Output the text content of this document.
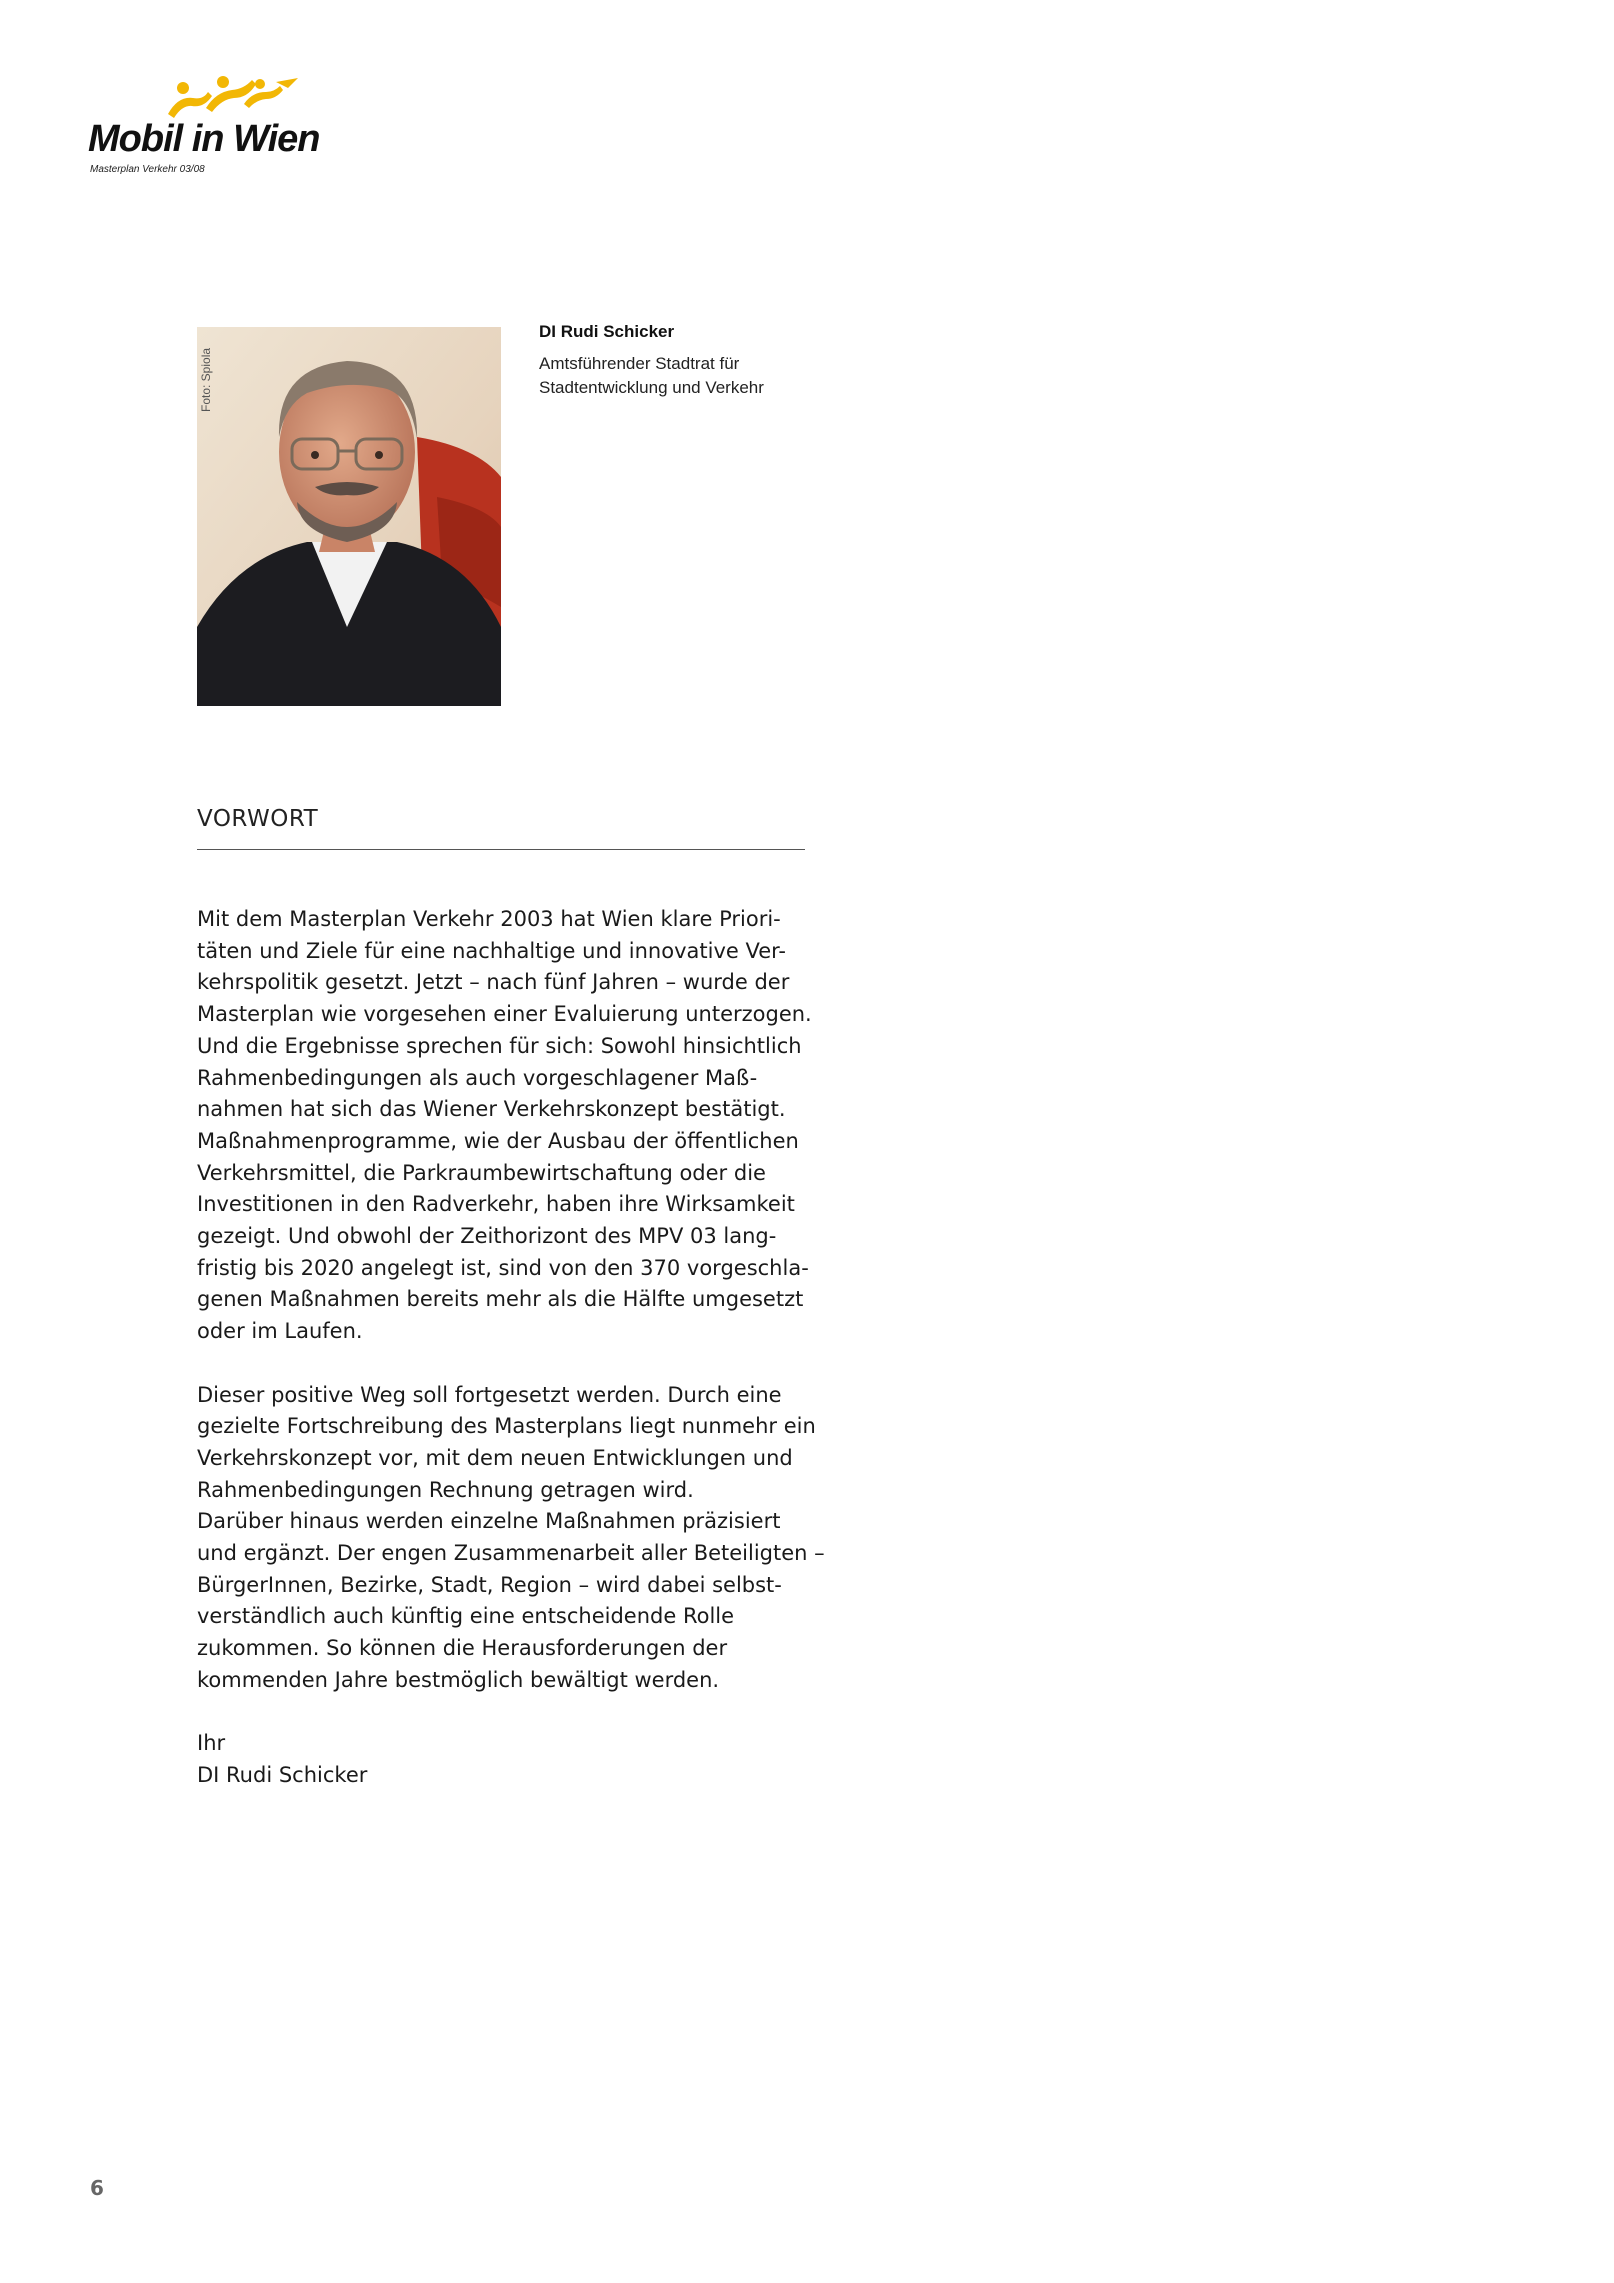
Mobil in Wien
Masterplan Verkehr 03/08
Foto: Spiola
DI Rudi Schicker
Amtsführender Stadtrat für
Stadtentwicklung und Verkehr
VORWORT
Mit dem Masterplan Verkehr 2003 hat Wien klare Priori-
täten und Ziele für eine nachhaltige und innovative Ver-
kehrspolitik gesetzt. Jetzt – nach fünf Jahren – wurde der
Masterplan wie vorgesehen einer Evaluierung unterzogen.
Und die Ergebnisse sprechen für sich: Sowohl hinsichtlich
Rahmenbedingungen als auch vorgeschlagener Maß-
nahmen hat sich das Wiener Verkehrskonzept bestätigt.
Maßnahmenprogramme, wie der Ausbau der öffentlichen
Verkehrsmittel, die Parkraumbewirtschaftung oder die
Investitionen in den Radverkehr, haben ihre Wirksamkeit
gezeigt. Und obwohl der Zeithorizont des MPV 03 lang-
fristig bis 2020 angelegt ist, sind von den 370 vorgeschla-
genen Maßnahmen bereits mehr als die Hälfte umgesetzt
oder im Laufen.
Dieser positive Weg soll fortgesetzt werden. Durch eine
gezielte Fortschreibung des Masterplans liegt nunmehr ein
Verkehrskonzept vor, mit dem neuen Entwicklungen und
Rahmenbedingungen Rechnung getragen wird.
Darüber hinaus werden einzelne Maßnahmen präzisiert
und ergänzt. Der engen Zusammenarbeit aller Beteiligten –
BürgerInnen, Bezirke, Stadt, Region – wird dabei selbst-
verständlich auch künftig eine entscheidende Rolle
zukommen. So können die Herausforderungen der
kommenden Jahre bestmöglich bewältigt werden.
Ihr
DI Rudi Schicker
6
